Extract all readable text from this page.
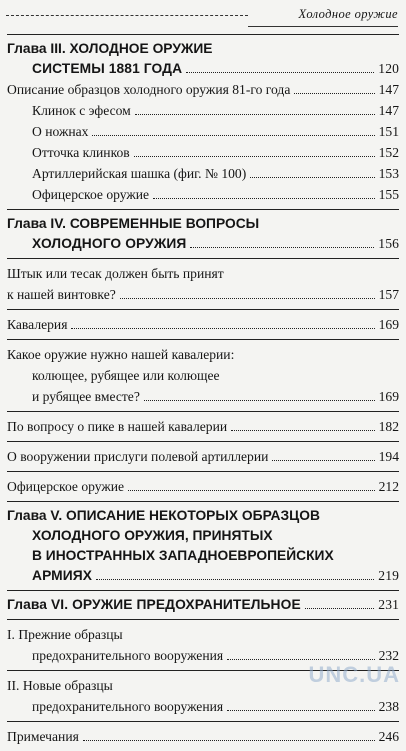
Холодное оружие
Глава III. ХОЛОДНОЕ ОРУЖИЕ
СИСТЕМЫ 1881 ГОДА	120
Описание образцов холодного оружия 81-го года	147
Клинок с эфесом	147
О ножнах	151
Отточка клинков	152
Артиллерийская шашка (фиг. № 100)	153
Офицерское оружие	155
Глава IV. СОВРЕМЕННЫЕ ВОПРОСЫ
ХОЛОДНОГО ОРУЖИЯ	156
Штык или тесак должен быть принят
к нашей винтовке?	157
Кавалерия	169
Какое оружие нужно нашей кавалерии:
колющее, рубящее или колющее
и рубящее вместе?	169
По вопросу о пике в нашей кавалерии	182
О вооружении прислуги полевой артиллерии	194
Офицерское оружие	212
Глава V. ОПИСАНИЕ НЕКОТОРЫХ ОБРАЗЦОВ
ХОЛОДНОГО ОРУЖИЯ, ПРИНЯТЫХ
В ИНОСТРАННЫХ ЗАПАДНОЕВРОПЕЙСКИХ
АРМИЯХ	219
Глава VI. ОРУЖИЕ ПРЕДОХРАНИТЕЛЬНОЕ	231
I. Прежние образцы
предохранительного вооружения	232
II. Новые образцы
предохранительного вооружения	238
Примечания	246
UNC.UA
